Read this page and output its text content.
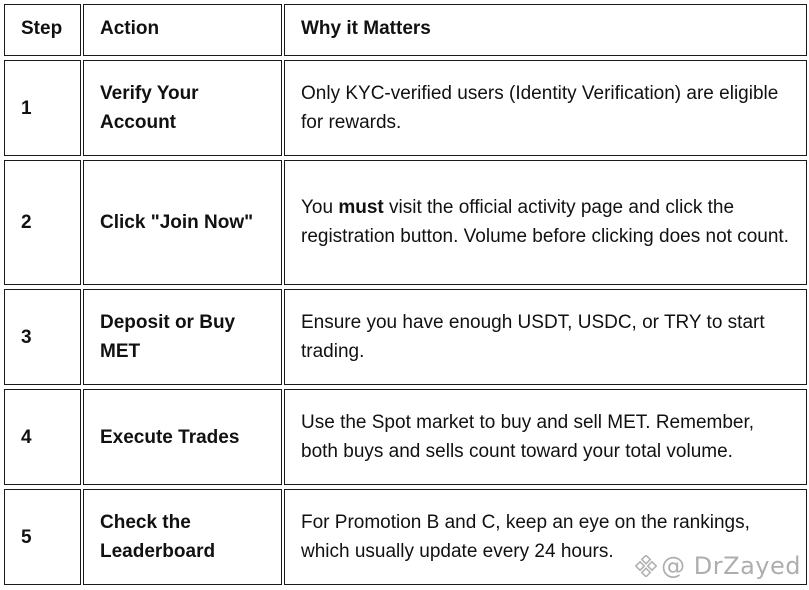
Step	Action	Why it Matters
1	Verify Your Account	Only KYC-verified users (Identity Verification) are eligible for rewards.

2	Click "Join Now"	You must visit the official activity page and click the registration button. Volume before clicking does not count.

3	Deposit or Buy MET	Ensure you have enough USDT, USDC, or TRY to start trading.

4	Execute Trades	Use the Spot market to buy and sell MET. Remember, both buys and sells count toward your total volume.

5	Check the Leaderboard	For Promotion B and C, keep an eye on the rankings, which usually update every 24 hours.
@ DrZayed
